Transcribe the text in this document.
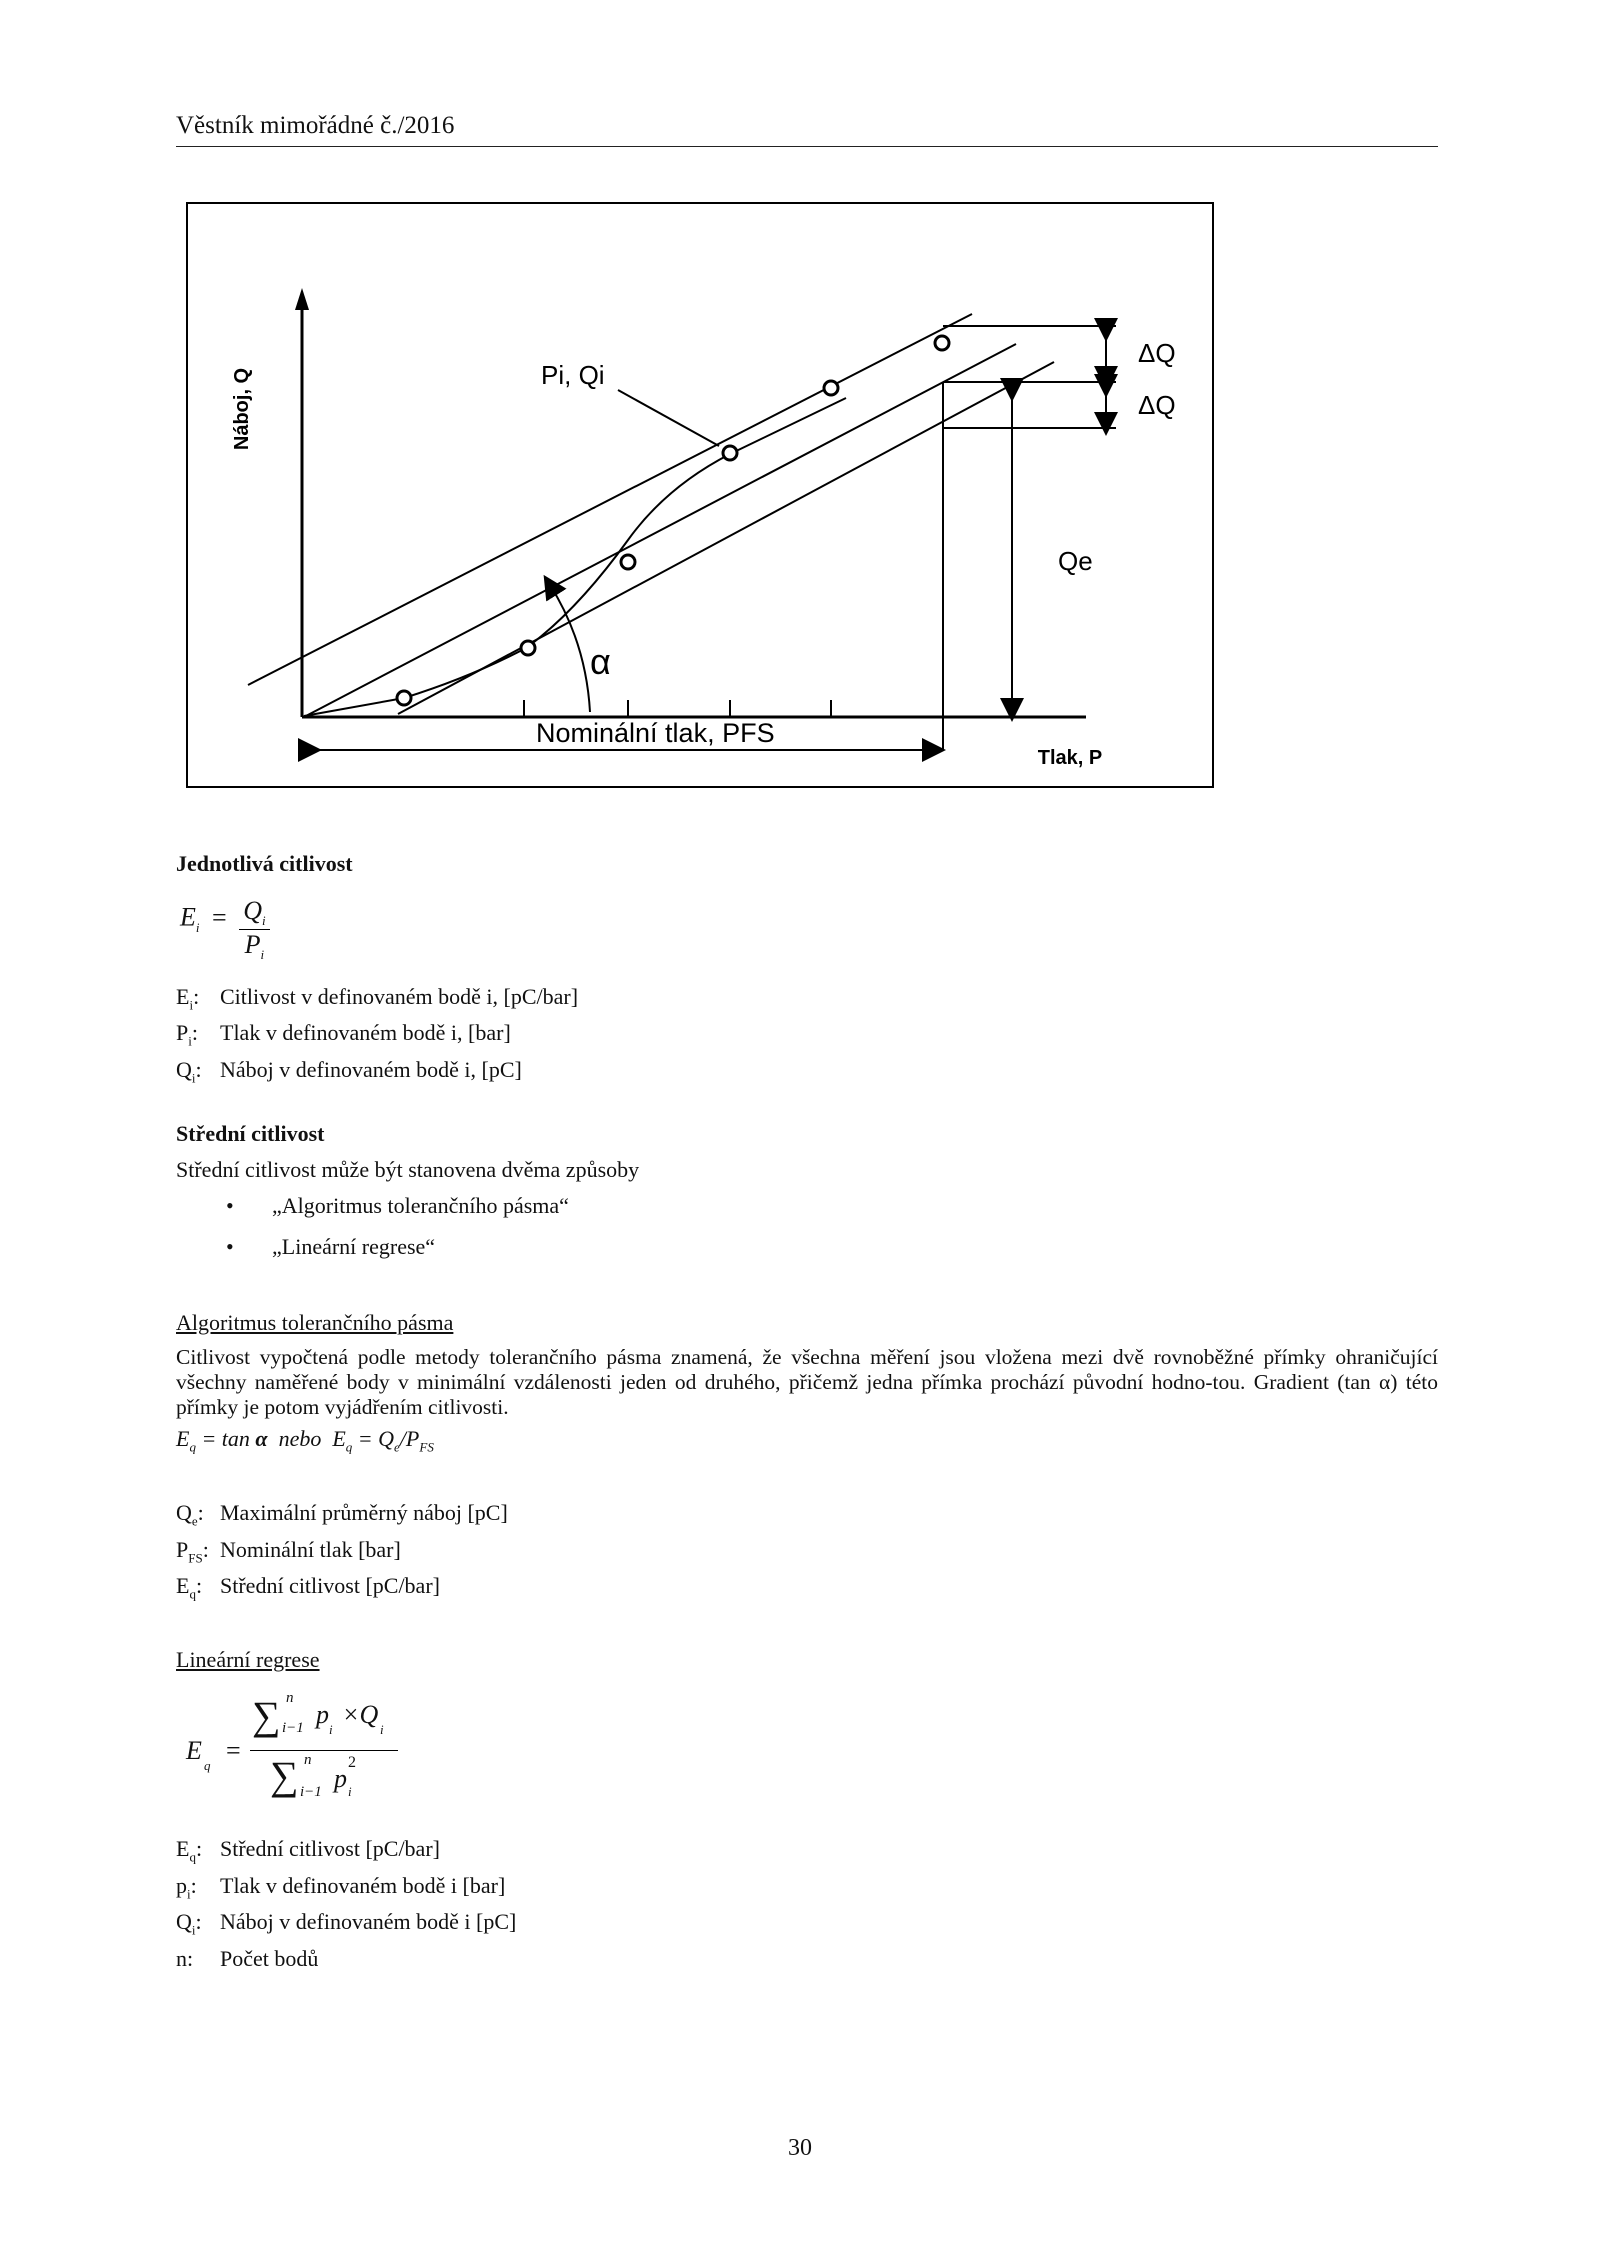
Věstník mimořádné č./2016
Náboj, Q
Tlak, P
Pi, Qi
α
ΔQ
ΔQ
Qe
Nominální tlak, PFS
Jednotlivá citlivost
$E_i = \frac{Q_i}{P_i}$
$E_i$: Citlivost v definovaném bodě i, [pC/bar]
$P_i$: Tlak v definovaném bodě i, [bar]
$Q_i$: Náboj v definovaném bodě i, [pC]
Střední citlivost
Střední citlivost může být stanovena dvěma způsoby
• „Algoritmus tolerančního pásma“
• „Lineární regrese“
Algoritmus tolerančního pásma
Citlivost vypočtená podle metody tolerančního pásma znamená, že všechna měření jsou vložena mezi dvě rovnoběžné přímky ohraničující všechny naměřené body v minimální vzdálenosti jeden od druhého, přičemž jedna přímka prochází původní hodno-tou. Gradient (tan α) této přímky je potom vyjádřením citlivosti.
$E_q = \tan \alpha$  nebo  $E_q = Q_e/P_{FS}$
$Q_e$: Maximální průměrný náboj [pC]
$P_{FS}$: Nominální tlak [bar]
$E_q$: Střední citlivost [pC/bar]
Lineární regrese
E
q
=
∑ n
i−1 p
i
×Q
i
∑ n
i−1 p
2
i
$E_q$: Střední citlivost [pC/bar]
$p_i$: Tlak v definovaném bodě i [bar]
$Q_i$: Náboj v definovaném bodě i [pC]
n: Počet bodů
30
